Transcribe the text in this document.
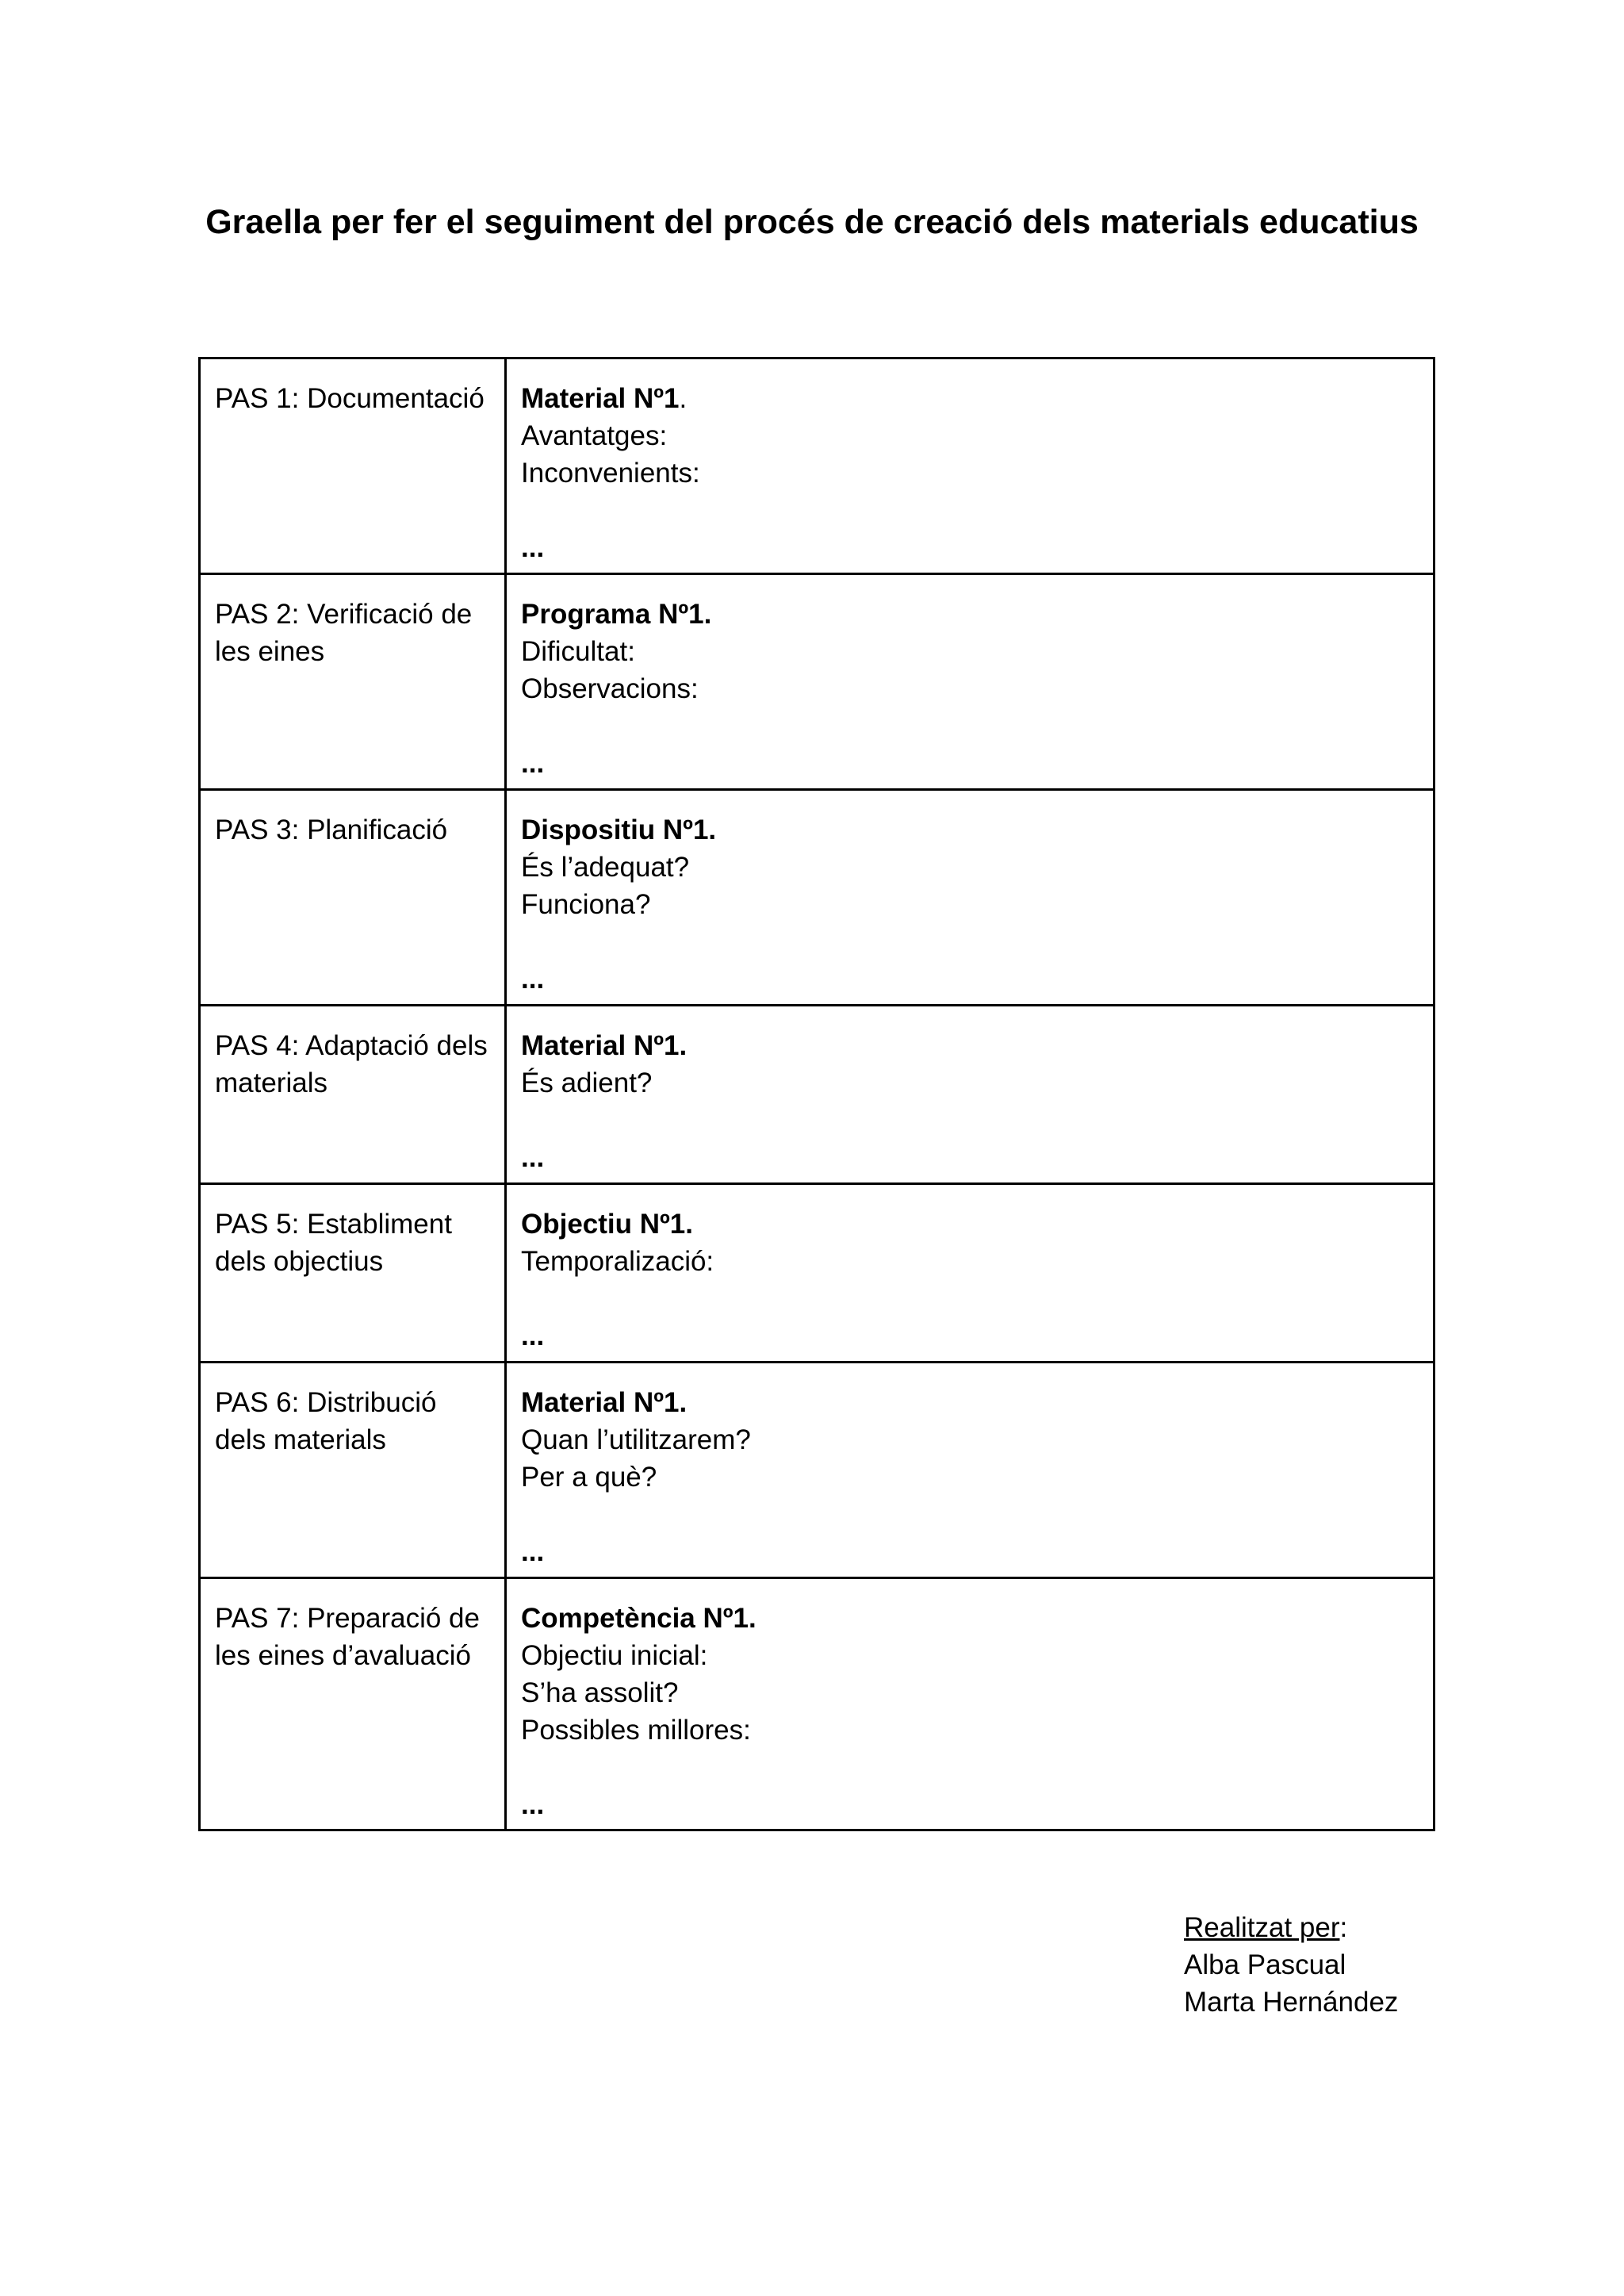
Graella per fer el seguiment del procés de creació dels materials educatius
PAS 1: Documentació	Material Nº1.
Avantatges:
Inconvenients:
...

PAS 2: Verificació de les eines	Programa Nº1.
Dificultat:
Observacions:
...

PAS 3: Planificació	Dispositiu Nº1.
És l’adequat?
Funciona?
...

PAS 4: Adaptació dels materials	Material Nº1.
És adient?
...

PAS 5: Establiment dels objectius	Objectiu Nº1.
Temporalizació:
...

PAS 6: Distribució dels materials	Material Nº1.
Quan l’utilitzarem?
Per a què?
...

PAS 7: Preparació de les eines d’avaluació	Competència Nº1.
Objectiu inicial:
S’ha assolit?
Possibles millores:
...
Realitzat per:
Alba Pascual
Marta Hernández
